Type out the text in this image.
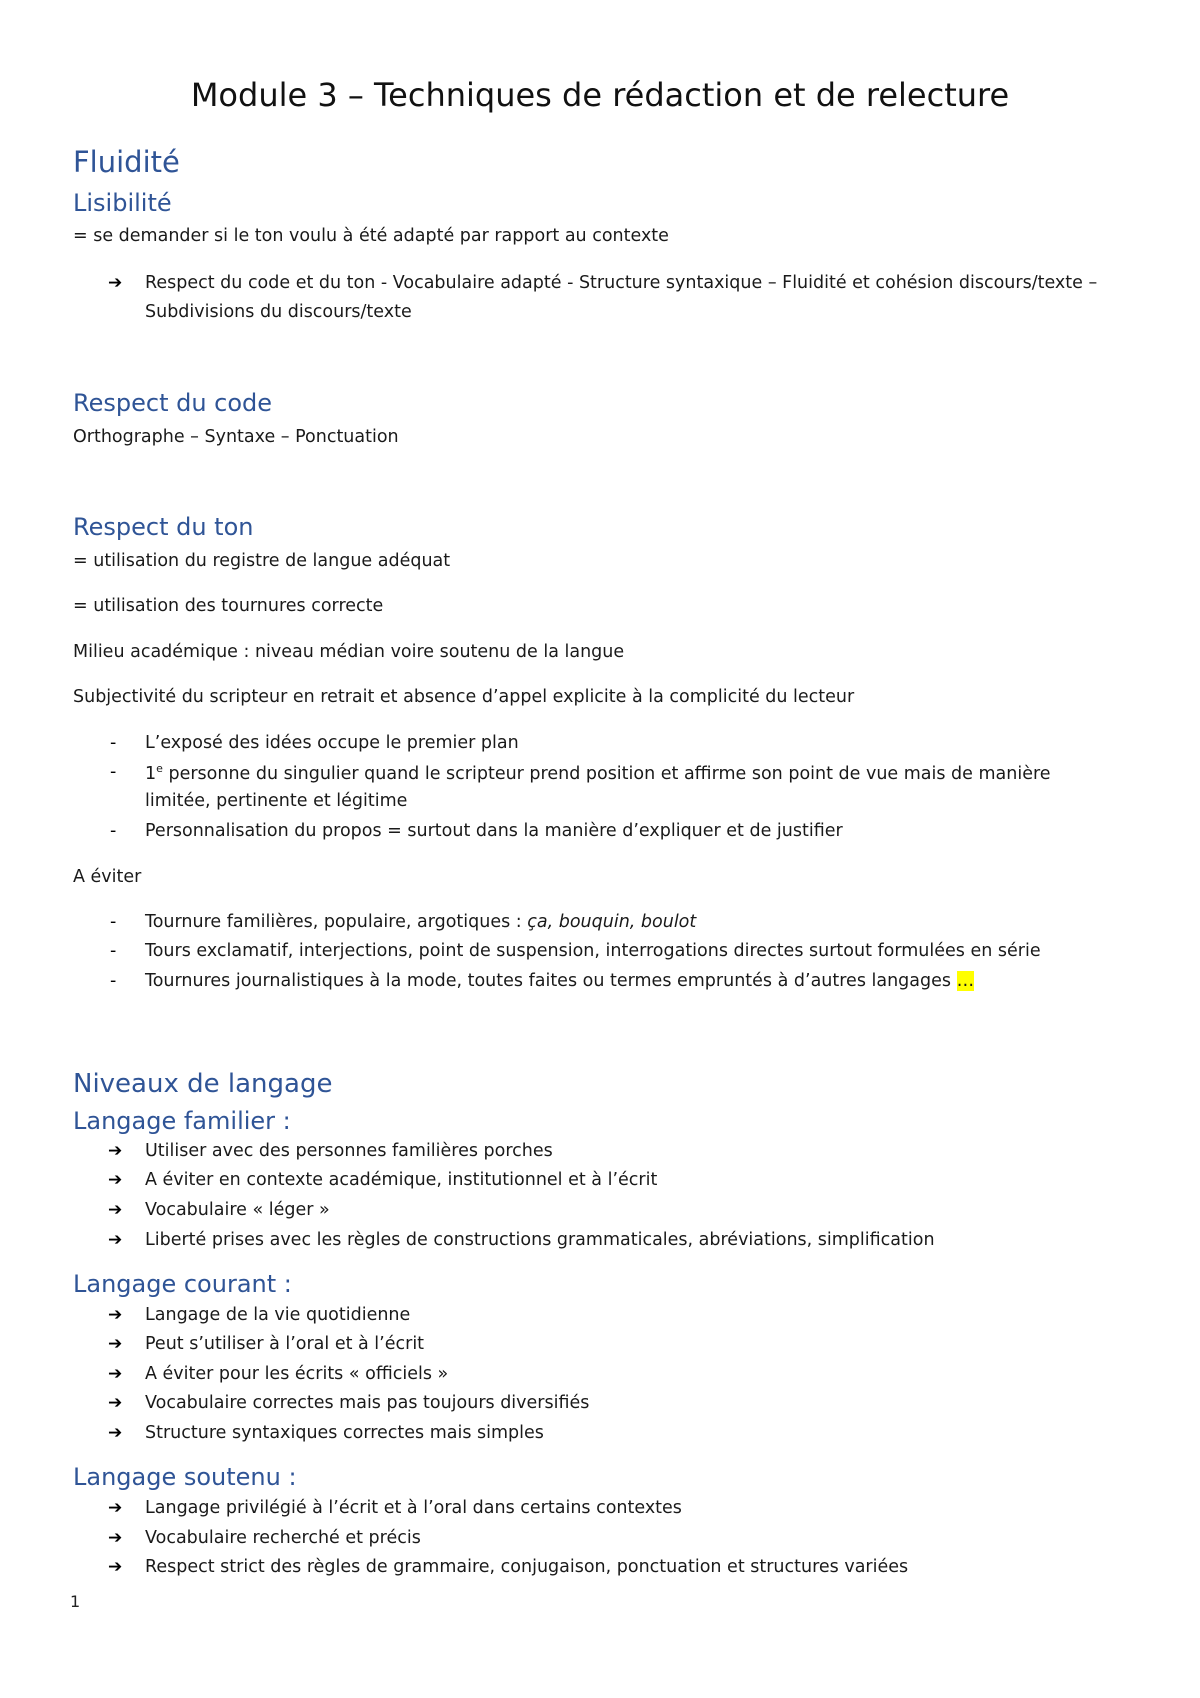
Module 3 – Techniques de rédaction et de relecture
Fluidité
Lisibilité
= se demander si le ton voulu à été adapté par rapport au contexte
➔ Respect du code et du ton - Vocabulaire adapté - Structure syntaxique – Fluidité et cohésion discours/texte –
Subdivisions du discours/texte
Respect du code
Orthographe – Syntaxe – Ponctuation
Respect du ton
= utilisation du registre de langue adéquat
= utilisation des tournures correcte
Milieu académique : niveau médian voire soutenu de la langue
Subjectivité du scripteur en retrait et absence d’appel explicite à la complicité du lecteur
- L’exposé des idées occupe le premier plan
- 1e personne du singulier quand le scripteur prend position et affirme son point de vue mais de manière
limitée, pertinente et légitime
- Personnalisation du propos = surtout dans la manière d’expliquer et de justifier
A éviter
- Tournure familières, populaire, argotiques : ça, bouquin, boulot
- Tours exclamatif, interjections, point de suspension, interrogations directes surtout formulées en série
- Tournures journalistiques à la mode, toutes faites ou termes empruntés à d’autres langages …
Niveaux de langage
Langage familier :
➔ Utiliser avec des personnes familières porches
➔ A éviter en contexte académique, institutionnel et à l’écrit
➔ Vocabulaire « léger »
➔ Liberté prises avec les règles de constructions grammaticales, abréviations, simplification
Langage courant :
➔ Langage de la vie quotidienne
➔ Peut s’utiliser à l’oral et à l’écrit
➔ A éviter pour les écrits « officiels »
➔ Vocabulaire correctes mais pas toujours diversifiés
➔ Structure syntaxiques correctes mais simples
Langage soutenu :
➔ Langage privilégié à l’écrit et à l’oral dans certains contextes
➔ Vocabulaire recherché et précis
➔ Respect strict des règles de grammaire, conjugaison, ponctuation et structures variées
1
